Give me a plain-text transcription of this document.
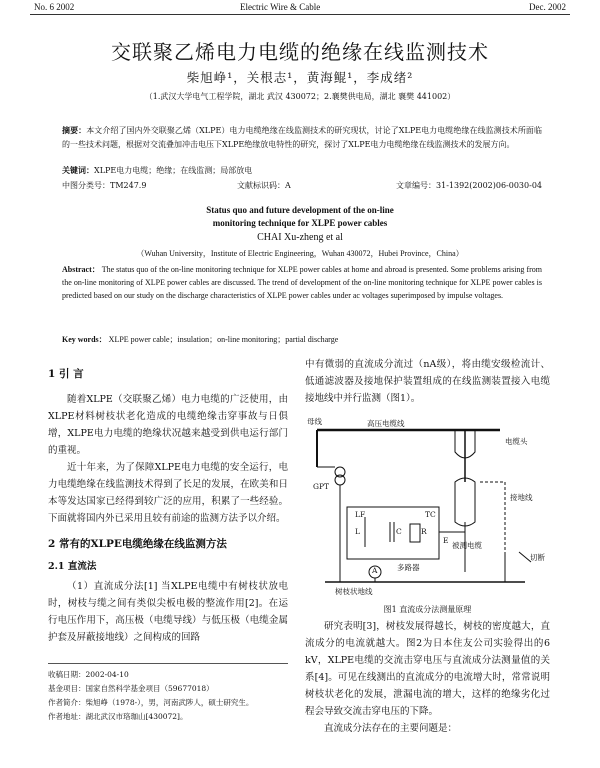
No. 6 2002	Electric Wire & Cable	Dec. 2002
交联聚乙烯电力电缆的绝缘在线监测技术
柴旭峥¹，关根志¹，黄海鲲¹，李成绪²
（1.武汉大学电气工程学院，湖北 武汉 430072；2.襄樊供电局，湖北 襄樊 441002）
摘要：本文介绍了国内外交联聚乙烯（XLPE）电力电缆绝缘在线监测技术的研究现状，讨论了XLPE电力电缆绝缘在线监测技术所面临的一些技术问题，根据对交流叠加冲击电压下XLPE绝缘放电特性的研究，探讨了XLPE电力电缆绝缘在线监测技术的发展方向。
关键词：XLPE电力电缆；绝缘；在线监测；局部放电
中图分类号：TM247.9	文献标识码：A	文章编号：31-1392(2002)06-0030-04
Status quo and future development of the on-line
monitoring technique for XLPE power cables
CHAI Xu-zheng et al
（Wuhan University，Institute of Electric Engineering，Wuhan 430072，Hubei Province，China）
Abstract： The status quo of the on-line monitoring technique for XLPE power cables at home and abroad is presented. Some problems arising from the on-line monitoring of XLPE power cables are discussed. The trend of development of the on-line monitoring technique for XLPE power cables is predicted based on our study on the discharge characteristics of XLPE power cables under ac voltages superimposed by impulse voltages.
Key words： XLPE power cable；insulation；on-line monitoring；partial discharge
1 引 言

随着XLPE（交联聚乙烯）电力电缆的广泛使用，由XLPE材料树枝状老化造成的电缆绝缘击穿事故与日俱增，XLPE电力电缆的绝缘状况越来越受到供电运行部门的重视。

近十年来，为了保障XLPE电力电缆的安全运行，电力电缆绝缘在线监测技术得到了长足的发展，在欧美和日本等发达国家已经得到较广泛的应用，积累了一些经验。下面就将国内外已采用且较有前途的监测方法予以介绍。

2 常有的XLPE电缆绝缘在线监测方法
2.1 直流法

（1）直流成分法[1] 当XLPE电缆中有树枝状放电时，树枝与缆之间有类似尖板电极的整流作用[2]。在运行电压作用下，高压极（电缆导线）与低压极（电缆金属护套及屏蔽接地线）之间构成的回路

收稿日期：2002-04-10
基金项目：国家自然科学基金项目（59677018）
作者简介：柴旭峥（1978-），男，河南武陟人，硕士研究生。
作者地址：湖北武汉市珞珈山[430072]。

中有微弱的直流成分流过（nA级），将由缆安级检流计、低通滤波器及接地保护装置组成的在线监测装置接入电缆接地线中并行监测（图1）。

母线	高压电缆线
电缆头
GPT
接地线
被测电缆
切断
多路器
树枝状地线
A
LF	TC
L	R
C
E
图1 直流成分法测量原理

研究表明[3]，树枝发展得越长，树枝的密度越大，直流成分的电流就越大。图2为日本住友公司实验得出的6 kV，XLPE电缆的交流击穿电压与直流成分法测量值的关系[4]。可见在线测出的直流成分的电流增大时，常常说明树枝状老化的发展，泄漏电流的增大，这样的绝缘劣化过程会导致交流击穿电压的下降。

直流成分法存在的主要问题是：
